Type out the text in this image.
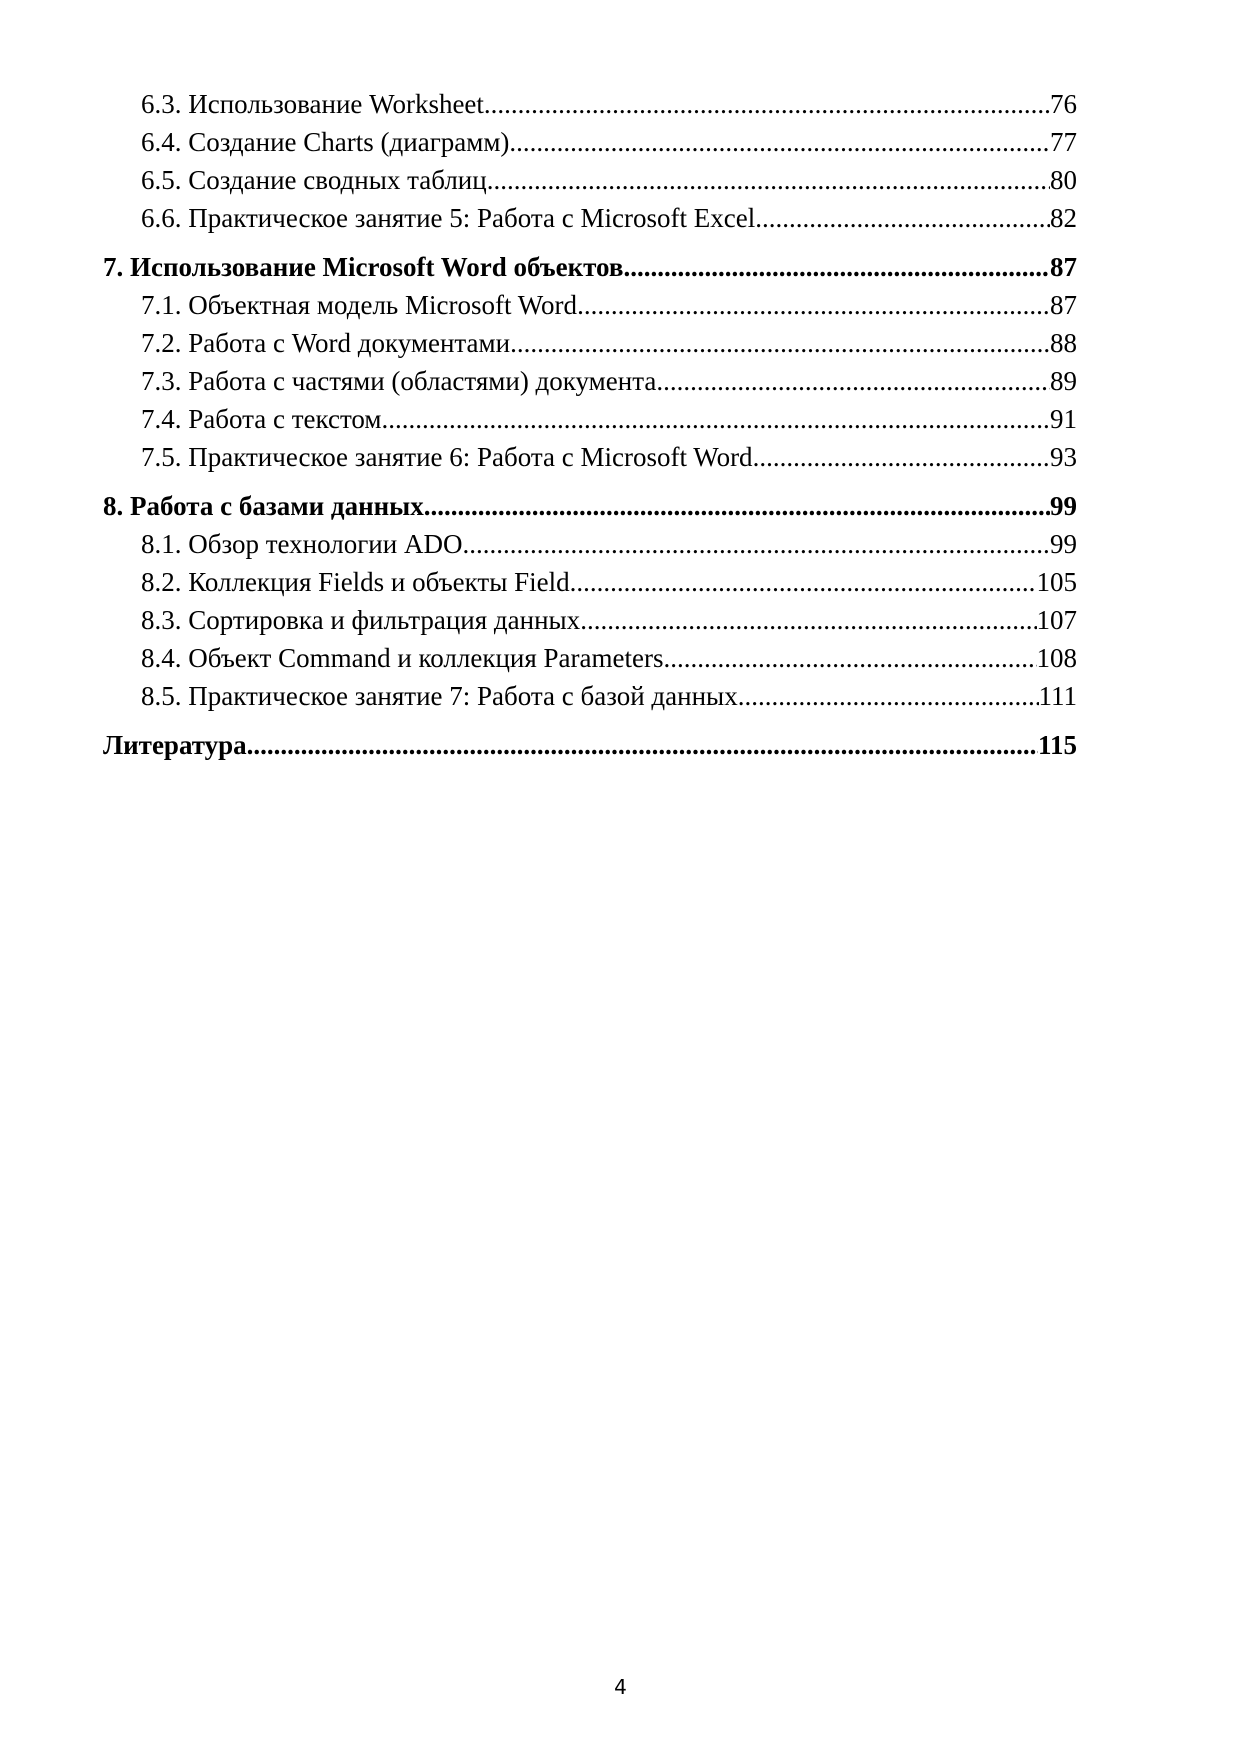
6.3. Использование Worksheet .....	76
6.4. Создание Charts (диаграмм) .....	77
6.5. Создание сводных таблиц .....	80
6.6. Практическое занятие 5: Работа с Microsoft Excel .....	82
7. Использование Microsoft Word объектов .....	87
7.1. Объектная модель Microsoft Word .....	87
7.2. Работа с Word документами .....	88
7.3. Работа с частями (областями) документа .....	89
7.4. Работа с текстом .....	91
7.5. Практическое занятие 6: Работа с Microsoft Word .....	93
8. Работа с базами данных .....	99
8.1. Обзор технологии ADO .....	99
8.2. Коллекция Fields и объекты Field .....	105
8.3. Сортировка и фильтрация данных .....	107
8.4. Объект Command и коллекция Parameters .....	108
8.5. Практическое занятие 7: Работа с базой данных .....	111
Литература .....	115
4
